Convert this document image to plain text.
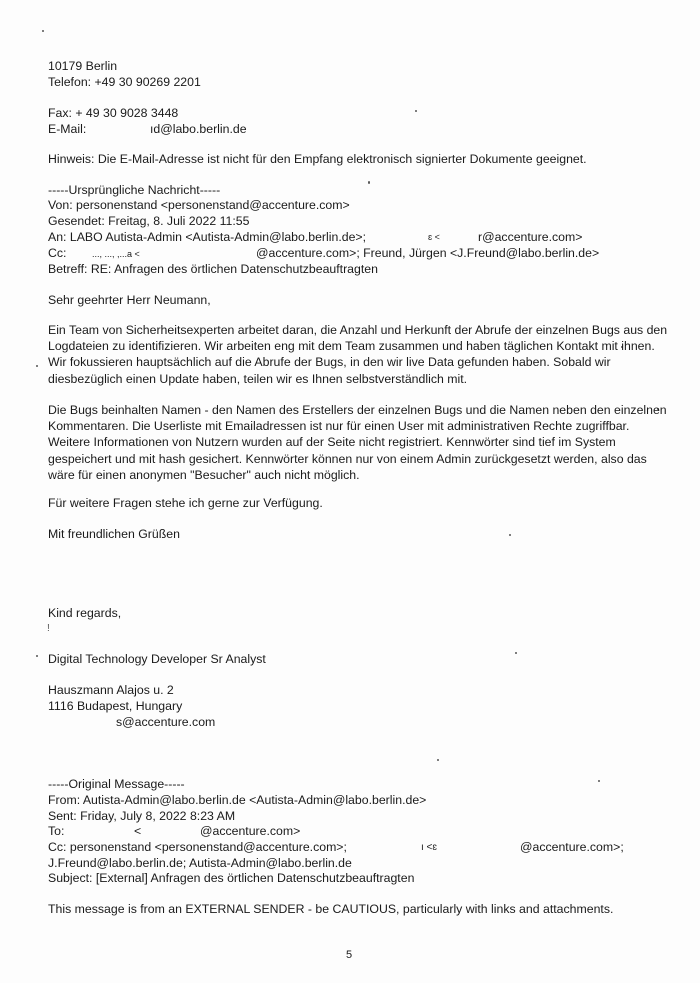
10179 Berlin

Telefon: +49 30 90269 2201

Fax: + 49 30 9028 3448

E-Mail:	ıd@labo.berlin.de

Hinweis: Die E-Mail-Adresse ist nicht für den Empfang elektronisch signierter Dokumente geeignet.

-----Ursprüngliche Nachricht-----

Von: personenstand <personenstand@accenture.com>

Gesendet: Freitag, 8. Juli 2022 11:55

An: LABO Autista-Admin <Autista-Admin@labo.berlin.de>;	ɛ <	r@accenture.com>

Cc:	..., ..., ,...a <	@accenture.com>; Freund, Jürgen <J.Freund@labo.berlin.de>

Betreff: RE: Anfragen des örtlichen Datenschutzbeauftragten

Sehr geehrter Herr Neumann,

Ein Team von Sicherheitsexperten arbeitet daran, die Anzahl und Herkunft der Abrufe der einzelnen Bugs aus den Logdateien zu identifizieren. Wir arbeiten eng mit dem Team zusammen und haben täglichen Kontakt mit ihnen. Wir fokussieren hauptsächlich auf die Abrufe der Bugs, in den wir live Data gefunden haben. Sobald wir diesbezüglich einen Update haben, teilen wir es Ihnen selbstverständlich mit.

Die Bugs beinhalten Namen - den Namen des Erstellers der einzelnen Bugs und die Namen neben den einzelnen Kommentaren. Die Userliste mit Emailadressen ist nur für einen User mit administrativen Rechte zugriffbar. Weitere Informationen von Nutzern wurden auf der Seite nicht registriert. Kennwörter sind tief im System gespeichert und mit hash gesichert. Kennwörter können nur von einem Admin zurückgesetzt werden, also das wäre für einen anonymen "Besucher" auch nicht möglich.

Für weitere Fragen stehe ich gerne zur Verfügung.

Mit freundlichen Grüßen

Kind regards,

!

Digital Technology Developer Sr Analyst

Hauszmann Alajos u. 2

1116 Budapest, Hungary

s@accenture.com

-----Original Message-----

From: Autista-Admin@labo.berlin.de <Autista-Admin@labo.berlin.de>

Sent: Friday, July 8, 2022 8:23 AM

To:	<	@accenture.com>

Cc: personenstand <personenstand@accenture.com>;	ı <ɛ	@accenture.com>;

J.Freund@labo.berlin.de; Autista-Admin@labo.berlin.de

Subject: [External] Anfragen des örtlichen Datenschutzbeauftragten

This message is from an EXTERNAL SENDER - be CAUTIOUS, particularly with links and attachments.

5
